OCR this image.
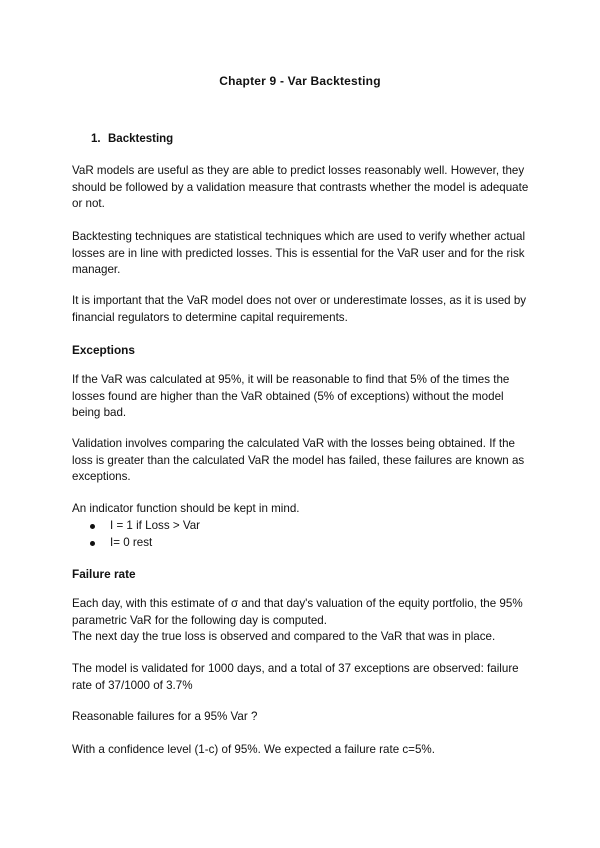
Chapter 9 - Var Backtesting
1. Backtesting

VaR models are useful as they are able to predict losses reasonably well. However, they should be followed by a validation measure that contrasts whether the model is adequate or not.

Backtesting techniques are statistical techniques which are used to verify whether actual losses are in line with predicted losses. This is essential for the VaR user and for the risk manager.

It is important that the VaR model does not over or underestimate losses, as it is used by financial regulators to determine capital requirements.

Exceptions

If the VaR was calculated at 95%, it will be reasonable to find that 5% of the times the losses found are higher than the VaR obtained (5% of exceptions) without the model being bad.

Validation involves comparing the calculated VaR with the losses being obtained. If the loss is greater than the calculated VaR the model has failed, these failures are known as exceptions.

An indicator function should be kept in mind.

I = 1 if Loss > Var
I= 0 rest
Failure rate

Each day, with this estimate of σ and that day's valuation of the equity portfolio, the 95% parametric VaR for the following day is computed.

The next day the true loss is observed and compared to the VaR that was in place.

The model is validated for 1000 days, and a total of 37 exceptions are observed: failure rate of 37/1000 of 3.7%

Reasonable failures for a 95% Var ?

With a confidence level (1-c) of 95%. We expected a failure rate c=5%.
